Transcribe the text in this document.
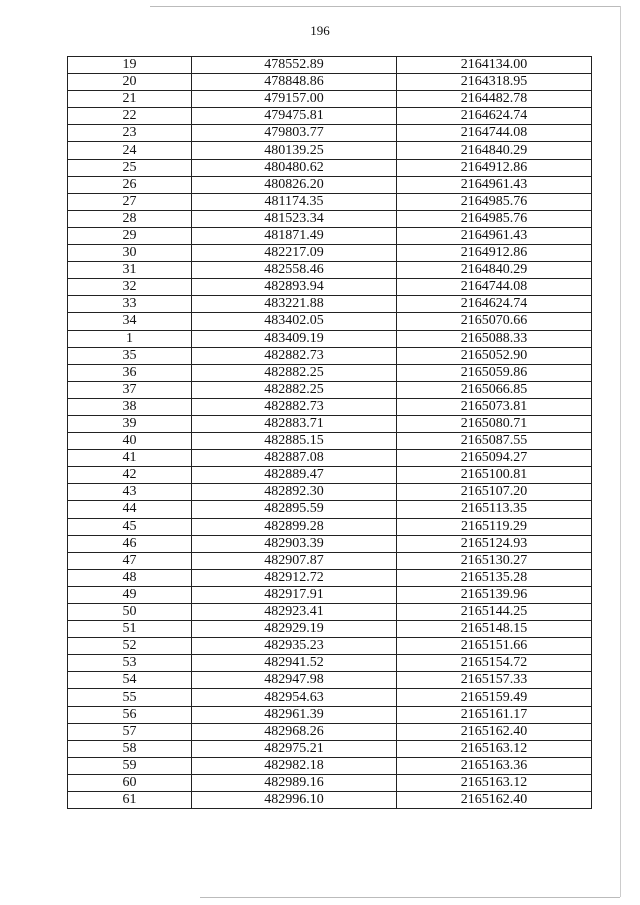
196
19	478552.89	2164134.00
20	478848.86	2164318.95
21	479157.00	2164482.78
22	479475.81	2164624.74
23	479803.77	2164744.08
24	480139.25	2164840.29
25	480480.62	2164912.86
26	480826.20	2164961.43
27	481174.35	2164985.76
28	481523.34	2164985.76
29	481871.49	2164961.43
30	482217.09	2164912.86
31	482558.46	2164840.29
32	482893.94	2164744.08
33	483221.88	2164624.74
34	483402.05	2165070.66
1	483409.19	2165088.33
35	482882.73	2165052.90
36	482882.25	2165059.86
37	482882.25	2165066.85
38	482882.73	2165073.81
39	482883.71	2165080.71
40	482885.15	2165087.55
41	482887.08	2165094.27
42	482889.47	2165100.81
43	482892.30	2165107.20
44	482895.59	2165113.35
45	482899.28	2165119.29
46	482903.39	2165124.93
47	482907.87	2165130.27
48	482912.72	2165135.28
49	482917.91	2165139.96
50	482923.41	2165144.25
51	482929.19	2165148.15
52	482935.23	2165151.66
53	482941.52	2165154.72
54	482947.98	2165157.33
55	482954.63	2165159.49
56	482961.39	2165161.17
57	482968.26	2165162.40
58	482975.21	2165163.12
59	482982.18	2165163.36
60	482989.16	2165163.12
61	482996.10	2165162.40
